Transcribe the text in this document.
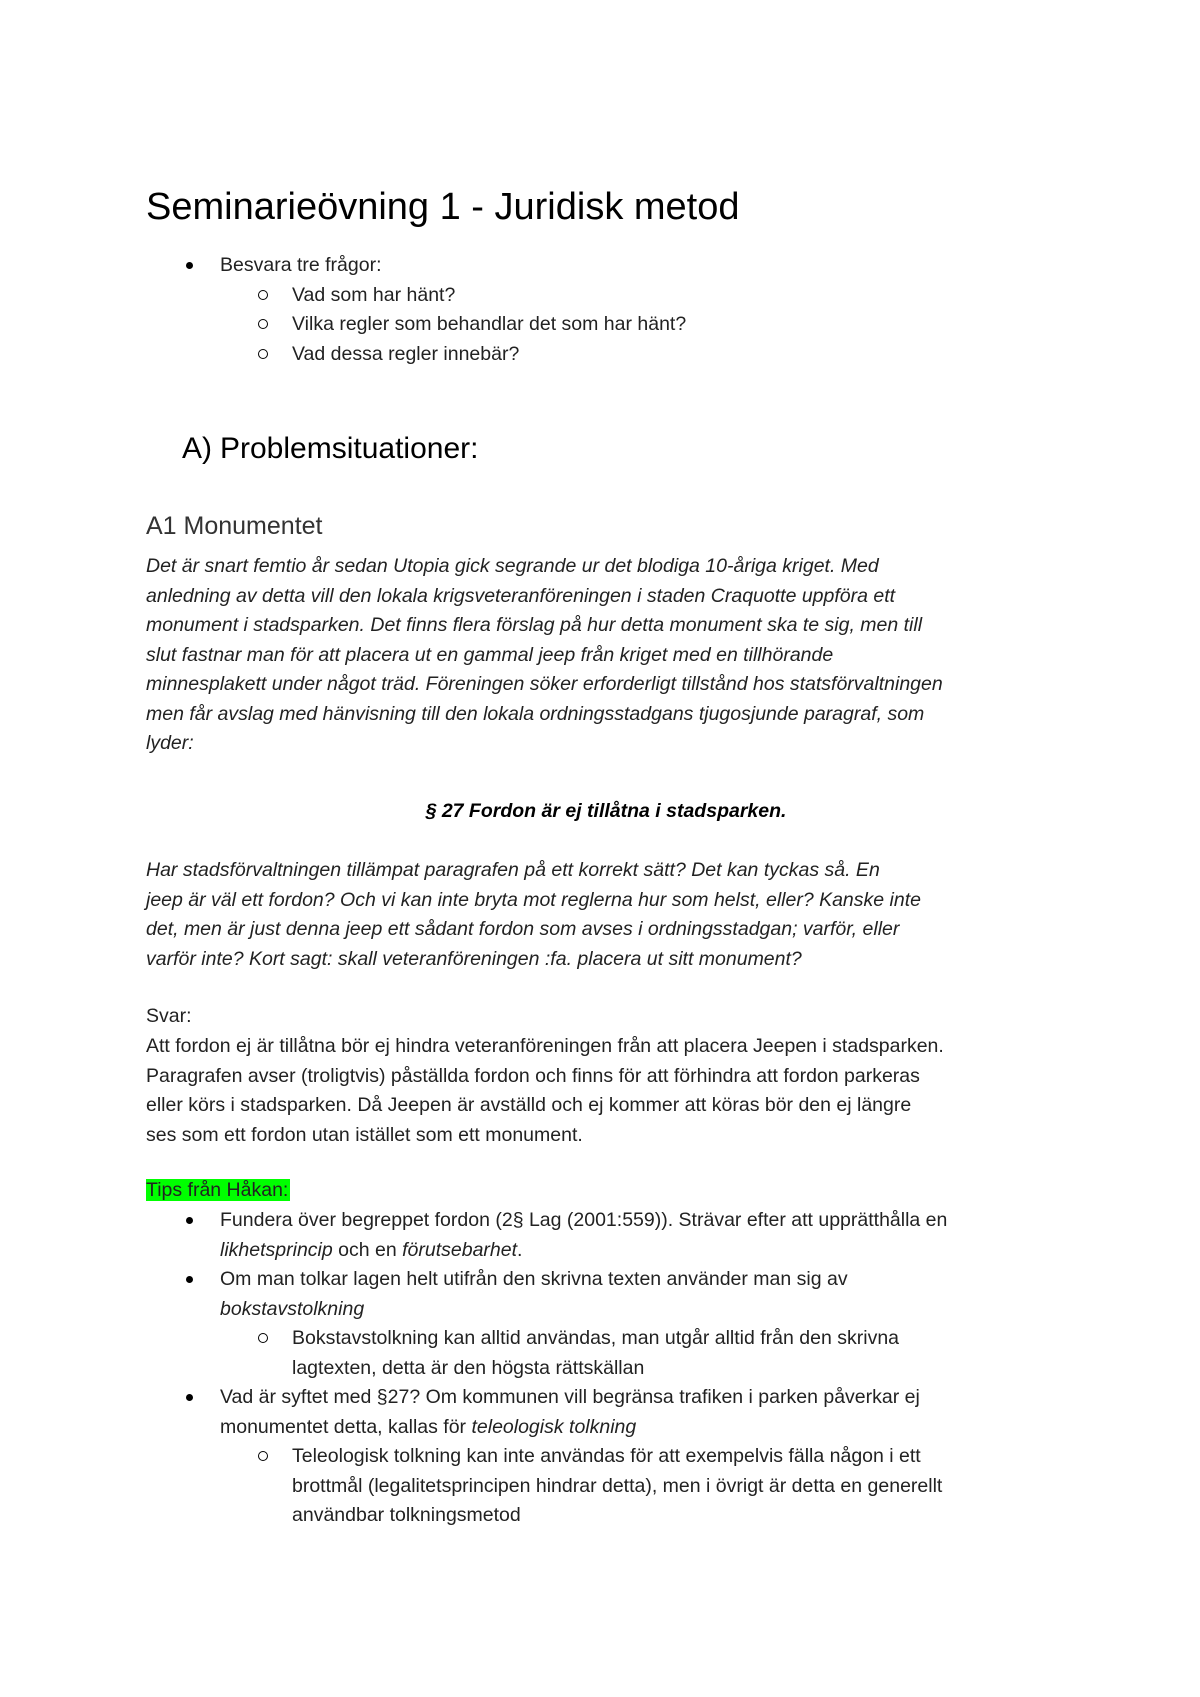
Seminarieövning 1 - Juridisk metod
Besvara tre frågor:
Vad som har hänt?
Vilka regler som behandlar det som har hänt?
Vad dessa regler innebär?
A) Problemsituationer:
A1 Monumentet
Det är snart femtio år sedan Utopia gick segrande ur det blodiga 10-åriga kriget. Med
anledning av detta vill den lokala krigsveteranföreningen i staden Craquotte uppföra ett
monument i stadsparken. Det finns flera förslag på hur detta monument ska te sig, men till
slut fastnar man för att placera ut en gammal jeep från kriget med en tillhörande
minnesplakett under något träd. Föreningen söker erforderligt tillstånd hos statsförvaltningen
men får avslag med hänvisning till den lokala ordningsstadgans tjugosjunde paragraf, som
lyder:

§ 27 Fordon är ej tillåtna i stadsparken.

Har stadsförvaltningen tillämpat paragrafen på ett korrekt sätt? Det kan tyckas så. En
jeep är väl ett fordon? Och vi kan inte bryta mot reglerna hur som helst, eller? Kanske inte
det, men är just denna jeep ett sådant fordon som avses i ordningsstadgan; varför, eller
varför inte? Kort sagt: skall veteranföreningen :fa. placera ut sitt monument?

Svar:

Att fordon ej är tillåtna bör ej hindra veteranföreningen från att placera Jeepen i stadsparken.
Paragrafen avser (troligtvis) påställda fordon och finns för att förhindra att fordon parkeras
eller körs i stadsparken. Då Jeepen är avställd och ej kommer att köras bör den ej längre
ses som ett fordon utan istället som ett monument.

Tips från Håkan:

Fundera över begreppet fordon (2§ Lag (2001:559)). Strävar efter att upprätthålla en
likhetsprincip och en förutsebarhet.
Om man tolkar lagen helt utifrån den skrivna texten använder man sig av
bokstavstolkning
Bokstavstolkning kan alltid användas, man utgår alltid från den skrivna
lagtexten, detta är den högsta rättskällan
Vad är syftet med §27? Om kommunen vill begränsa trafiken i parken påverkar ej
monumentet detta, kallas för teleologisk tolkning
Teleologisk tolkning kan inte användas för att exempelvis fälla någon i ett
brottmål (legalitetsprincipen hindrar detta), men i övrigt är detta en generellt
användbar tolkningsmetod
